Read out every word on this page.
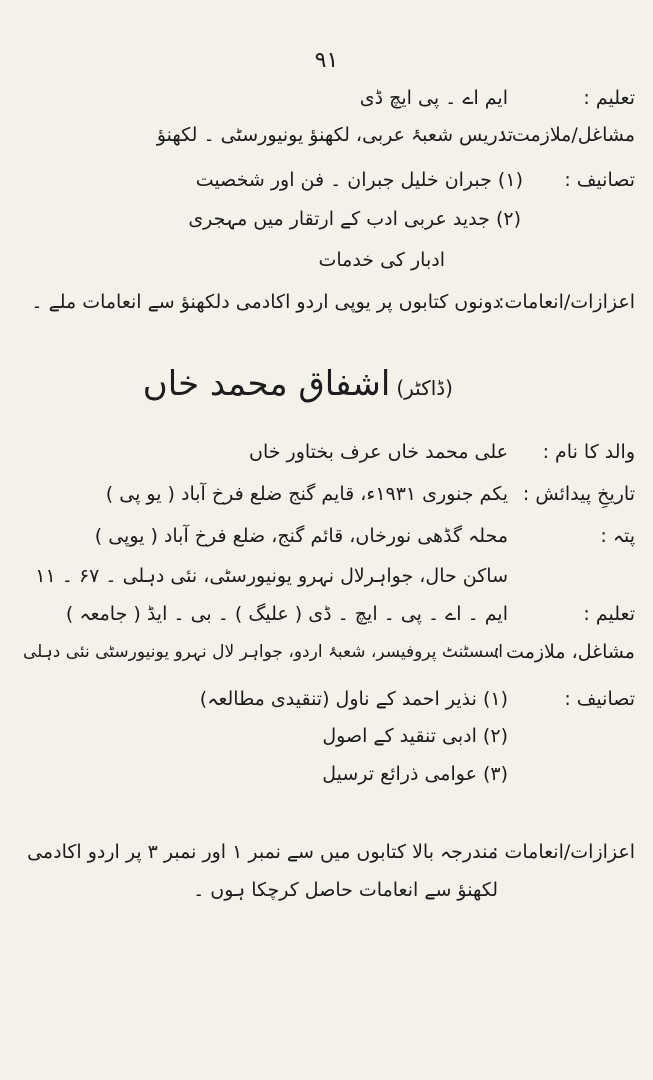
۹۱
تعلیم :
ایم اے ۔ پی ایچ ڈی
مشاغل/ملازمت :
تدریس شعبۂ عربی، لکھنؤ یونیورسٹی ۔ لکھنؤ
تصانیف :
(۱) جبران خلیل جبران ۔ فن اور شخصیت
(۲) جدید عربی ادب کے ارتقار میں مہجری
ادبار کی خدمات
اعزازات/انعامات:
دونوں کتابوں پر یوپی اردو اکادمی دلکھنؤ سے انعامات ملے ۔
(ڈاکٹر) اشفاق محمد خاں
والد کا نام :
علی محمد خاں عرف بختاور خاں
تاریخِ پیدائش :
یکم جنوری ۱۹۳۱ء، قایم گنج ضلع فرخ آباد ( یو پی )
پتہ :
محلہ گڈھی نورخاں، قائم گنج، ضلع فرخ آباد ( یوپی )
ساکن حال، جواہرلال نہرو یونیورسٹی، نئی دہلی ۔ ۶۷ ۔ ۱۱
تعلیم :
ایم ۔ اے ۔ پی ۔ ایچ ۔ ڈی ( علیگ ) ۔ بی ۔ ایڈ ( جامعہ )
مشاغل، ملازمت :
اسسٹنٹ پروفیسر، شعبۂ اردو، جواہر لال نہرو یونیورسٹی نئی دہلی
تصانیف :
(۱) نذیر احمد کے ناول (تنقیدی مطالعہ)
(۲) ادبی تنقید کے اصول
(۳) عوامی ذرائع ترسیل
اعزازات/انعامات :
مندرجہ بالا کتابوں میں سے نمبر ۱ اور نمبر ۳ پر اردو اکادمی
لکھنؤ سے انعامات حاصل کرچکا ہوں ۔
